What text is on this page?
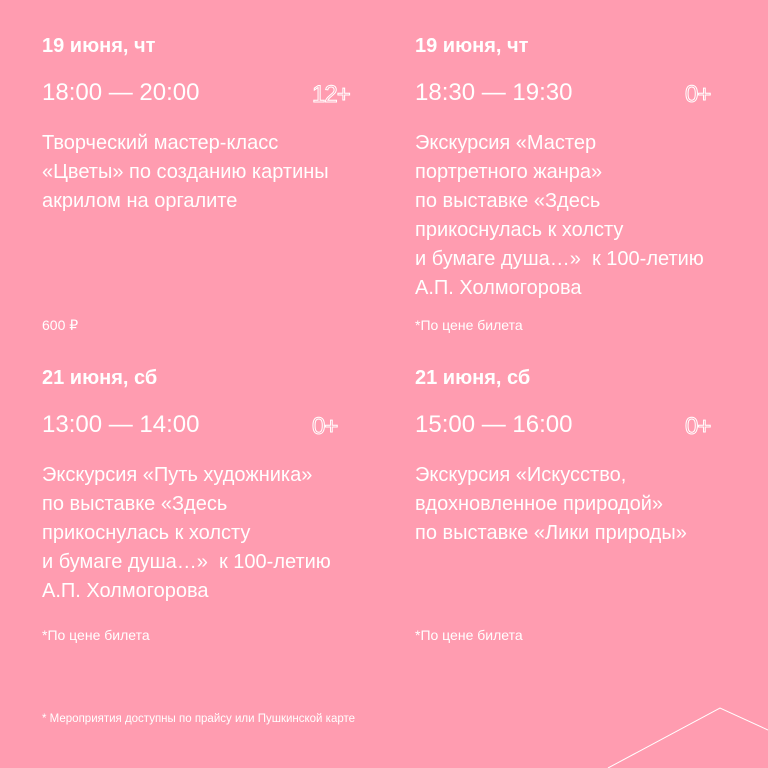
19 июня, чт
18:00 — 20:00	12+
Творческий мастер-класс
«Цветы» по созданию картины
акрилом на оргалите
600 ₽
19 июня, чт
18:30 — 19:30	0+
Экскурсия «Мастер
портретного жанра»
по выставке «Здесь
прикоснулась к холсту
и бумаге душа…»  к 100-летию
А.П. Холмогорова
*По цене билета
21 июня, сб
13:00 — 14:00	0+
Экскурсия «Путь художника»
по выставке «Здесь
прикоснулась к холсту
и бумаге душа…»  к 100-летию
А.П. Холмогорова
*По цене билета
21 июня, сб
15:00 — 16:00	0+
Экскурсия «Искусство,
вдохновленное природой»
по выставке «Лики природы»
*По цене билета
* Мероприятия доступны по прайсу или Пушкинской карте
